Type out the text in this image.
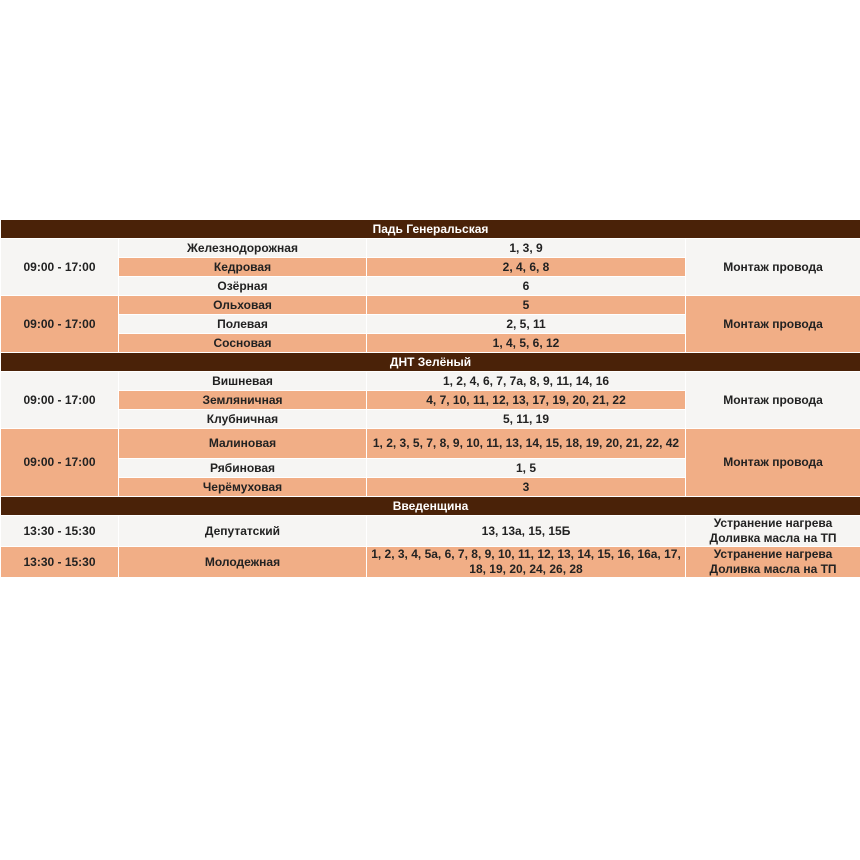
Падь Генеральская			
09:00 - 17:00	Железнодорожная	1, 3, 9	Монтаж провода
	Кедровая	2, 4, 6, 8	
	Озёрная	6	
09:00 - 17:00	Ольховая	5	Монтаж провода
	Полевая	2, 5, 11	
	Сосновая	1, 4, 5, 6, 12	
ДНТ Зелёный			
09:00 - 17:00	Вишневая	1, 2, 4, 6, 7, 7а, 8, 9, 11, 14, 16	Монтаж провода
	Земляничная	4, 7, 10, 11, 12, 13, 17, 19, 20, 21, 22	
	Клубничная	5, 11, 19	
09:00 - 17:00	Малиновая	1, 2, 3, 5, 7, 8, 9, 10, 11, 13, 14, 15, 18, 19, 20, 21, 22, 42	Монтаж провода
	Рябиновая	1, 5	
	Черёмуховая	3	
Введенщина			
13:30 - 15:30	Депутатский	13, 13а, 15, 15Б	Устранение нагрева
Доливка масла на ТП

13:30 - 15:30	Молодежная	1, 2, 3, 4, 5а, 6, 7, 8, 9, 10, 11, 12, 13, 14, 15, 16, 16а, 17, 18, 19, 20, 24, 26, 28	Устранение нагрева
Доливка масла на ТП
